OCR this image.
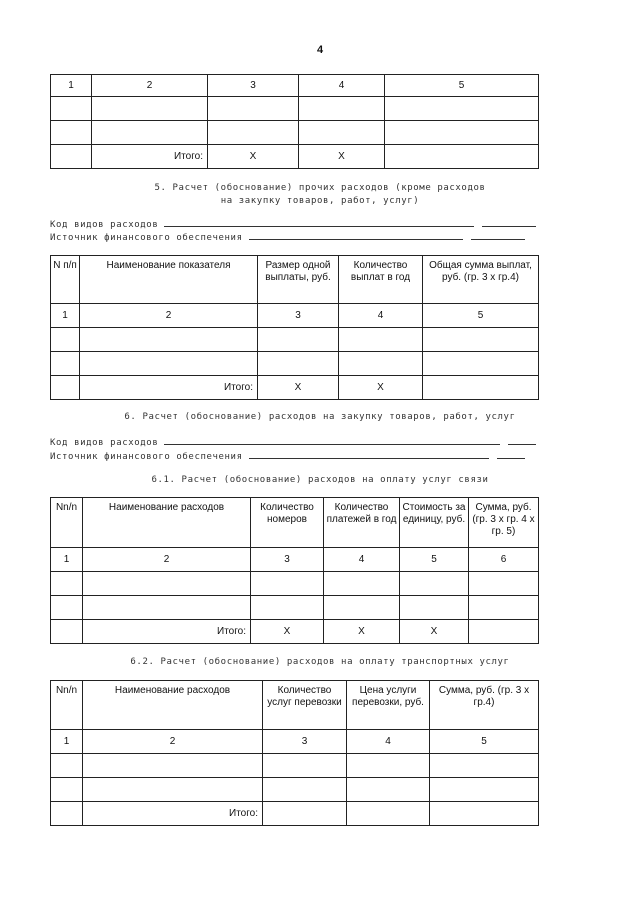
4
1	2	3	4	5

	Итого:	X	X	
5. Расчет (обоснование) прочих расходов (кроме расходов
на закупку товаров, работ, услуг)
Код видов расходов
Источник финансового обеспечения
N п/п	Наименование показателя	Размер одной выплаты, руб.	Количество выплат в год	Общая сумма выплат, руб. (гр. 3 х гр.4)
1	2	3	4	5

	Итого:	X	X	
6. Расчет (обоснование) расходов на закупку товаров, работ, услуг
Код видов расходов
Источник финансового обеспечения
6.1. Расчет (обоснование) расходов на оплату услуг связи
Nn/n	Наименование расходов	Количество номеров	Количество платежей в год	Стоимость за единицу, руб.	Сумма, руб. (гр. 3 х гр. 4 х гр. 5)
1	2	3	4	5	6

	Итого:	X	X	X	
6.2. Расчет (обоснование) расходов на оплату транспортных услуг
Nn/n	Наименование расходов	Количество услуг перевозки	Цена услуги перевозки, руб.	Сумма, руб. (гр. 3 х гр.4)
1	2	3	4	5

	Итого:			
